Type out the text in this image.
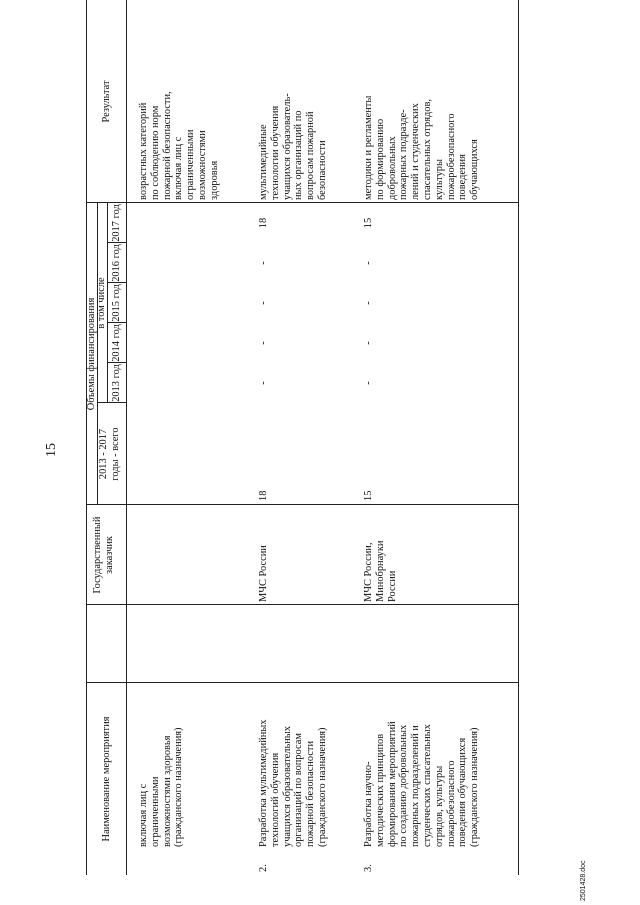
15
Наименование мероприятия
Государственный
заказчик
Объемы финансирования
2013 - 2017
годы - всего
в том числе
2013 год
2014 год
2015 год
2016 год
2017 год
Результат
включая лиц с
ограниченными
возможностями здоровья
(гражданского назначения)
возрастных категорий
по соблюдению норм
пожарной безопасности,
включая лиц с
ограниченными
возможностями
здоровья
2.
Разработка мультимедийных
технологий обучения
учащихся образовательных
организаций по вопросам
пожарной безопасности
(гражданского назначения)
МЧС России
18
-
-
-
-
18
мультимедийные
технологии обучения
учащихся образователь-
ных организаций по
вопросам пожарной
безопасности
3.
Разработка научно-
методических принципов
формирования мероприятий
по созданию добровольных
пожарных подразделений и
студенческих спасательных
отрядов, культуры
пожаробезопасного
поведения обучающихся
(гражданского назначения)
МЧС России,
Минобрнауки
России
15
-
-
-
-
15
методики и регламенты
по формированию
добровольных
пожарных подразде-
лений и студенческих
спасательных отрядов,
культуры
пожаробезопасного
поведения
обучающихся
2501428.doc
